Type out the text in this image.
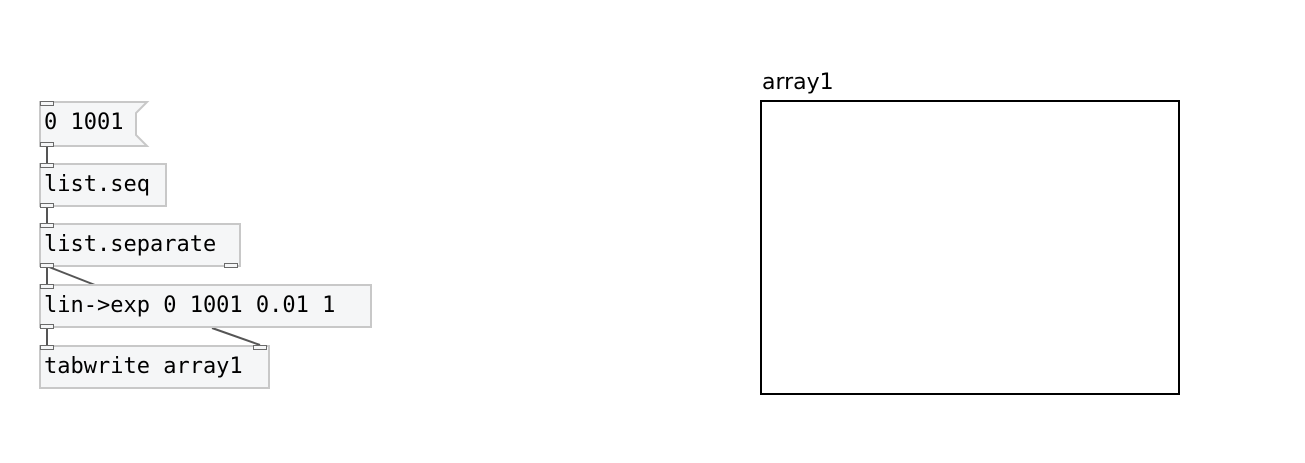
0 1001
list.seq
list.separate
lin->exp 0 1001 0.01 1
tabwrite array1
array1
